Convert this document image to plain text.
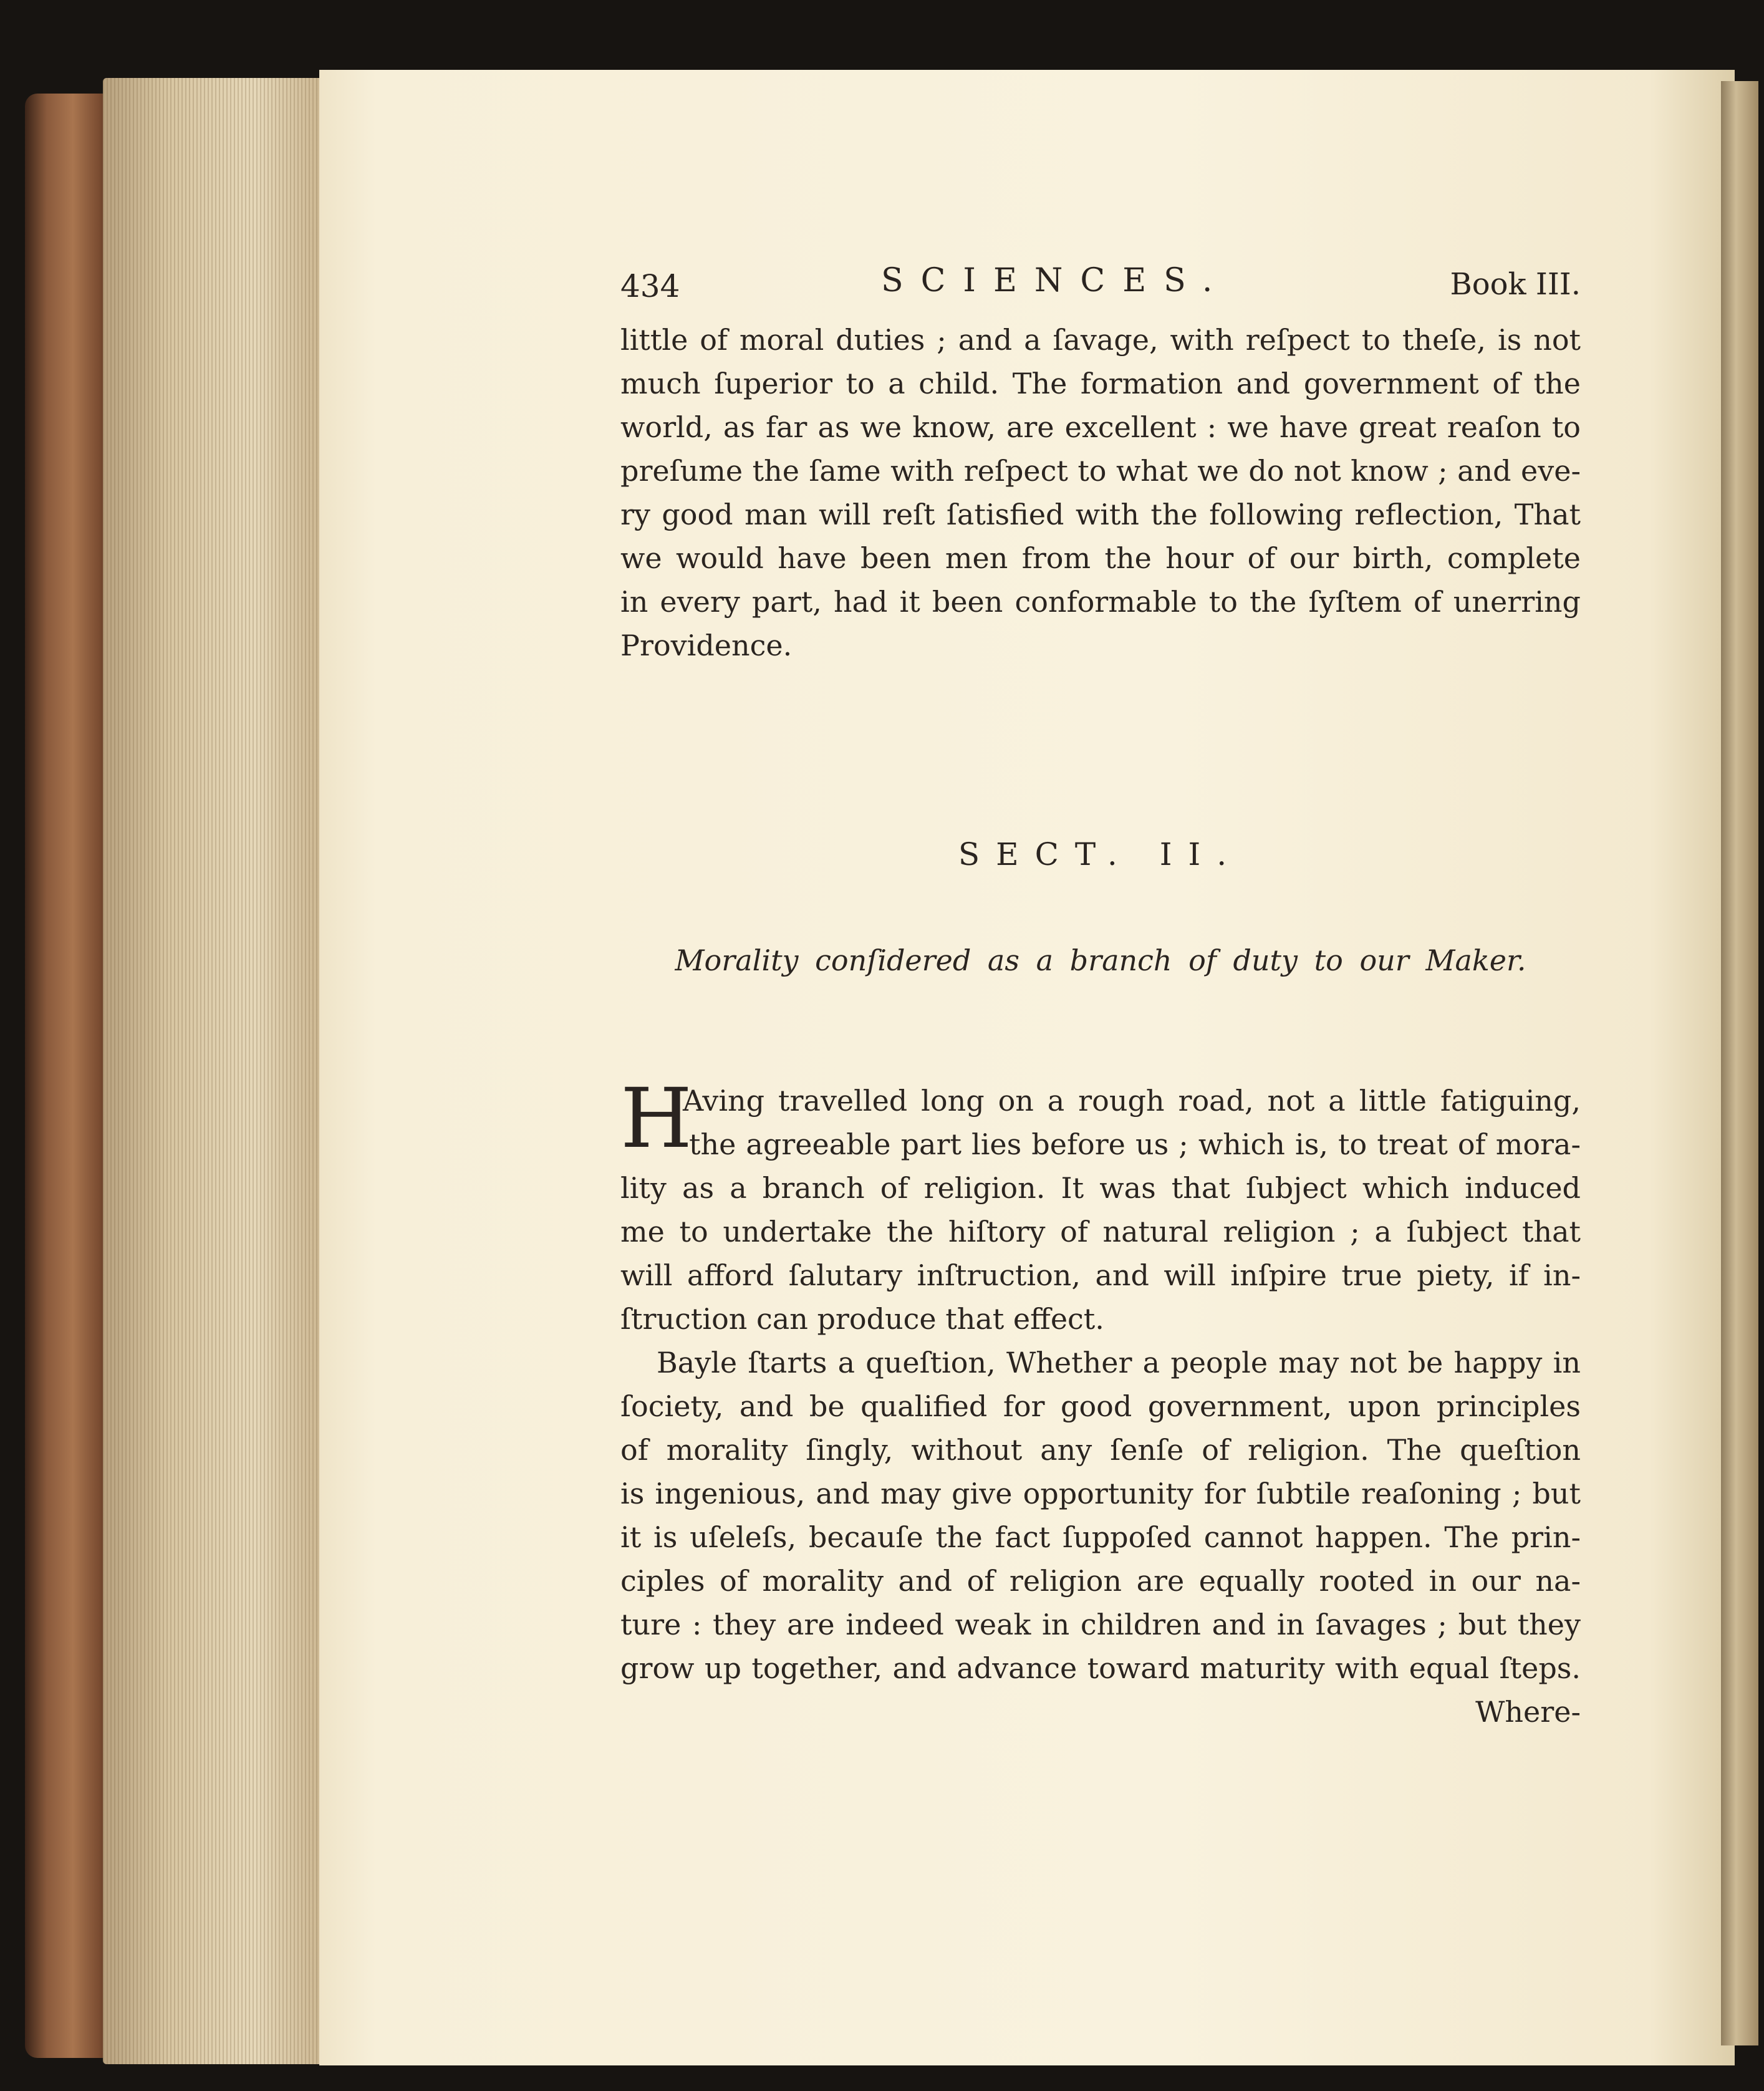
434	SCIENCES.	Book III.
little of moral duties ; and a ſavage, with reſpect to theſe, is not
much ſuperior to a child. The formation and government of the
world, as far as we know, are excellent : we have great reaſon to
preſume the ſame with reſpect to what we do not know ; and eve-
ry good man will reſt ſatisfied with the following reflection, That
we would have been men from the hour of our birth, complete
in every part, had it been conformable to the ſyſtem of unerring
Providence.
SECT. II.
Morality conſidered as a branch of duty to our Maker.
H
Aving travelled long on a rough road, not a little fatiguing,
the agreeable part lies before us ; which is, to treat of mora-
lity as a branch of religion. It was that ſubject which induced
me to undertake the hiſtory of natural religion ; a ſubject that
will afford ſalutary inſtruction, and will inſpire true piety, if in-
ſtruction can produce that effect.
Bayle ſtarts a queſtion, Whether a people may not be happy in
ſociety, and be qualified for good government, upon principles
of morality ſingly, without any ſenſe of religion. The queſtion
is ingenious, and may give opportunity for ſubtile reaſoning ; but
it is uſeleſs, becauſe the fact ſuppoſed cannot happen. The prin-
ciples of morality and of religion are equally rooted in our na-
ture : they are indeed weak in children and in ſavages ; but they
grow up together, and advance toward maturity with equal ſteps.
Where-
